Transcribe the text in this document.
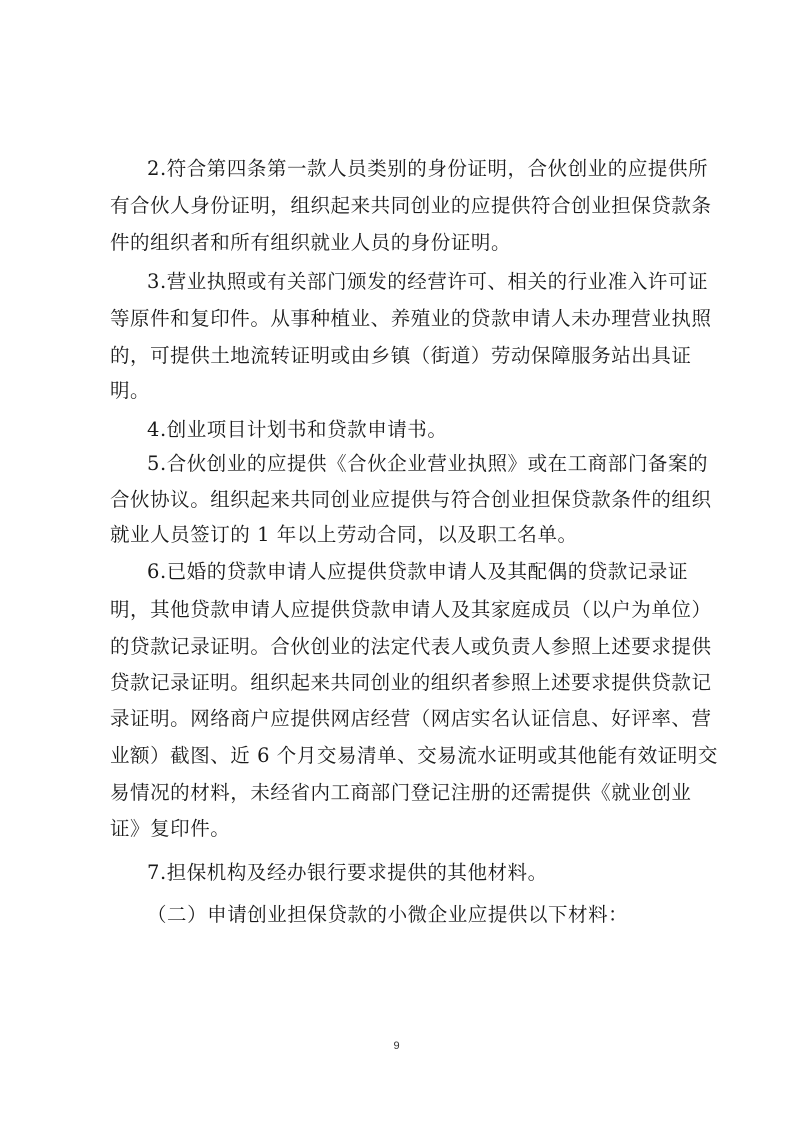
2.符合第四条第一款人员类别的身份证明，合伙创业的应提供所
有合伙人身份证明，组织起来共同创业的应提供符合创业担保贷款条
件的组织者和所有组织就业人员的身份证明。
3.营业执照或有关部门颁发的经营许可、相关的行业准入许可证
等原件和复印件。从事种植业、养殖业的贷款申请人未办理营业执照
的，可提供土地流转证明或由乡镇（街道）劳动保障服务站出具证
明。
4.创业项目计划书和贷款申请书。
5.合伙创业的应提供《合伙企业营业执照》或在工商部门备案的
合伙协议。组织起来共同创业应提供与符合创业担保贷款条件的组织
就业人员签订的 1 年以上劳动合同，以及职工名单。
6.已婚的贷款申请人应提供贷款申请人及其配偶的贷款记录证
明，其他贷款申请人应提供贷款申请人及其家庭成员（以户为单位）
的贷款记录证明。合伙创业的法定代表人或负责人参照上述要求提供
贷款记录证明。组织起来共同创业的组织者参照上述要求提供贷款记
录证明。网络商户应提供网店经营（网店实名认证信息、好评率、营
业额）截图、近 6 个月交易清单、交易流水证明或其他能有效证明交
易情况的材料，未经省内工商部门登记注册的还需提供《就业创业
证》复印件。
7.担保机构及经办银行要求提供的其他材料。
（二）申请创业担保贷款的小微企业应提供以下材料：
9
